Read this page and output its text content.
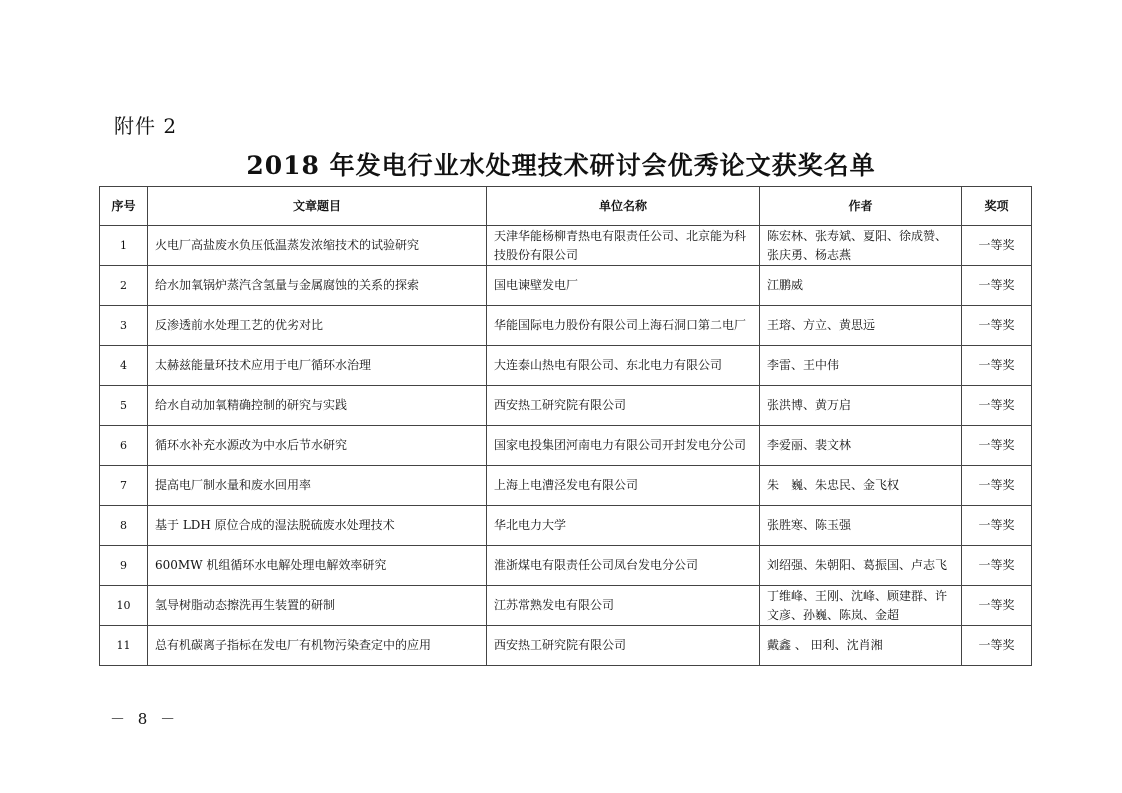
附件 2
2018 年发电行业水处理技术研讨会优秀论文获奖名单
序号	文章题目	单位名称	作者	奖项
1	火电厂高盐废水负压低温蒸发浓缩技术的试验研究	天津华能杨柳青热电有限责任公司、北京能为科技股份有限公司	陈宏林、张寿斌、夏阳、徐成赞、张庆勇、杨志燕	一等奖
2	给水加氧锅炉蒸汽含氢量与金属腐蚀的关系的探索	国电谏壁发电厂	江鹏威	一等奖
3	反渗透前水处理工艺的优劣对比	华能国际电力股份有限公司上海石洞口第二电厂	王瑢、方立、黄思远	一等奖
4	太赫兹能量环技术应用于电厂循环水治理	大连泰山热电有限公司、东北电力有限公司	李雷、王中伟	一等奖
5	给水自动加氧精确控制的研究与实践	西安热工研究院有限公司	张洪博、黄万启	一等奖
6	循环水补充水源改为中水后节水研究	国家电投集团河南电力有限公司开封发电分公司	李爱丽、裴文林	一等奖
7	提高电厂制水量和废水回用率	上海上电漕泾发电有限公司	朱　巍、朱忠民、金飞权	一等奖
8	基于 LDH 原位合成的湿法脱硫废水处理技术	华北电力大学	张胜寒、陈玉强	一等奖
9	600MW 机组循环水电解处理电解效率研究	淮浙煤电有限责任公司凤台发电分公司	刘绍强、朱朝阳、葛振国、卢志飞	一等奖
10	氢导树脂动态擦洗再生装置的研制	江苏常熟发电有限公司	丁维峰、王刚、沈峰、顾建群、许文彦、孙巍、陈岚、金超	一等奖
11	总有机碳离子指标在发电厂有机物污染查定中的应用	西安热工研究院有限公司	戴鑫 、 田利、沈肖湘	一等奖
－ 8 －
